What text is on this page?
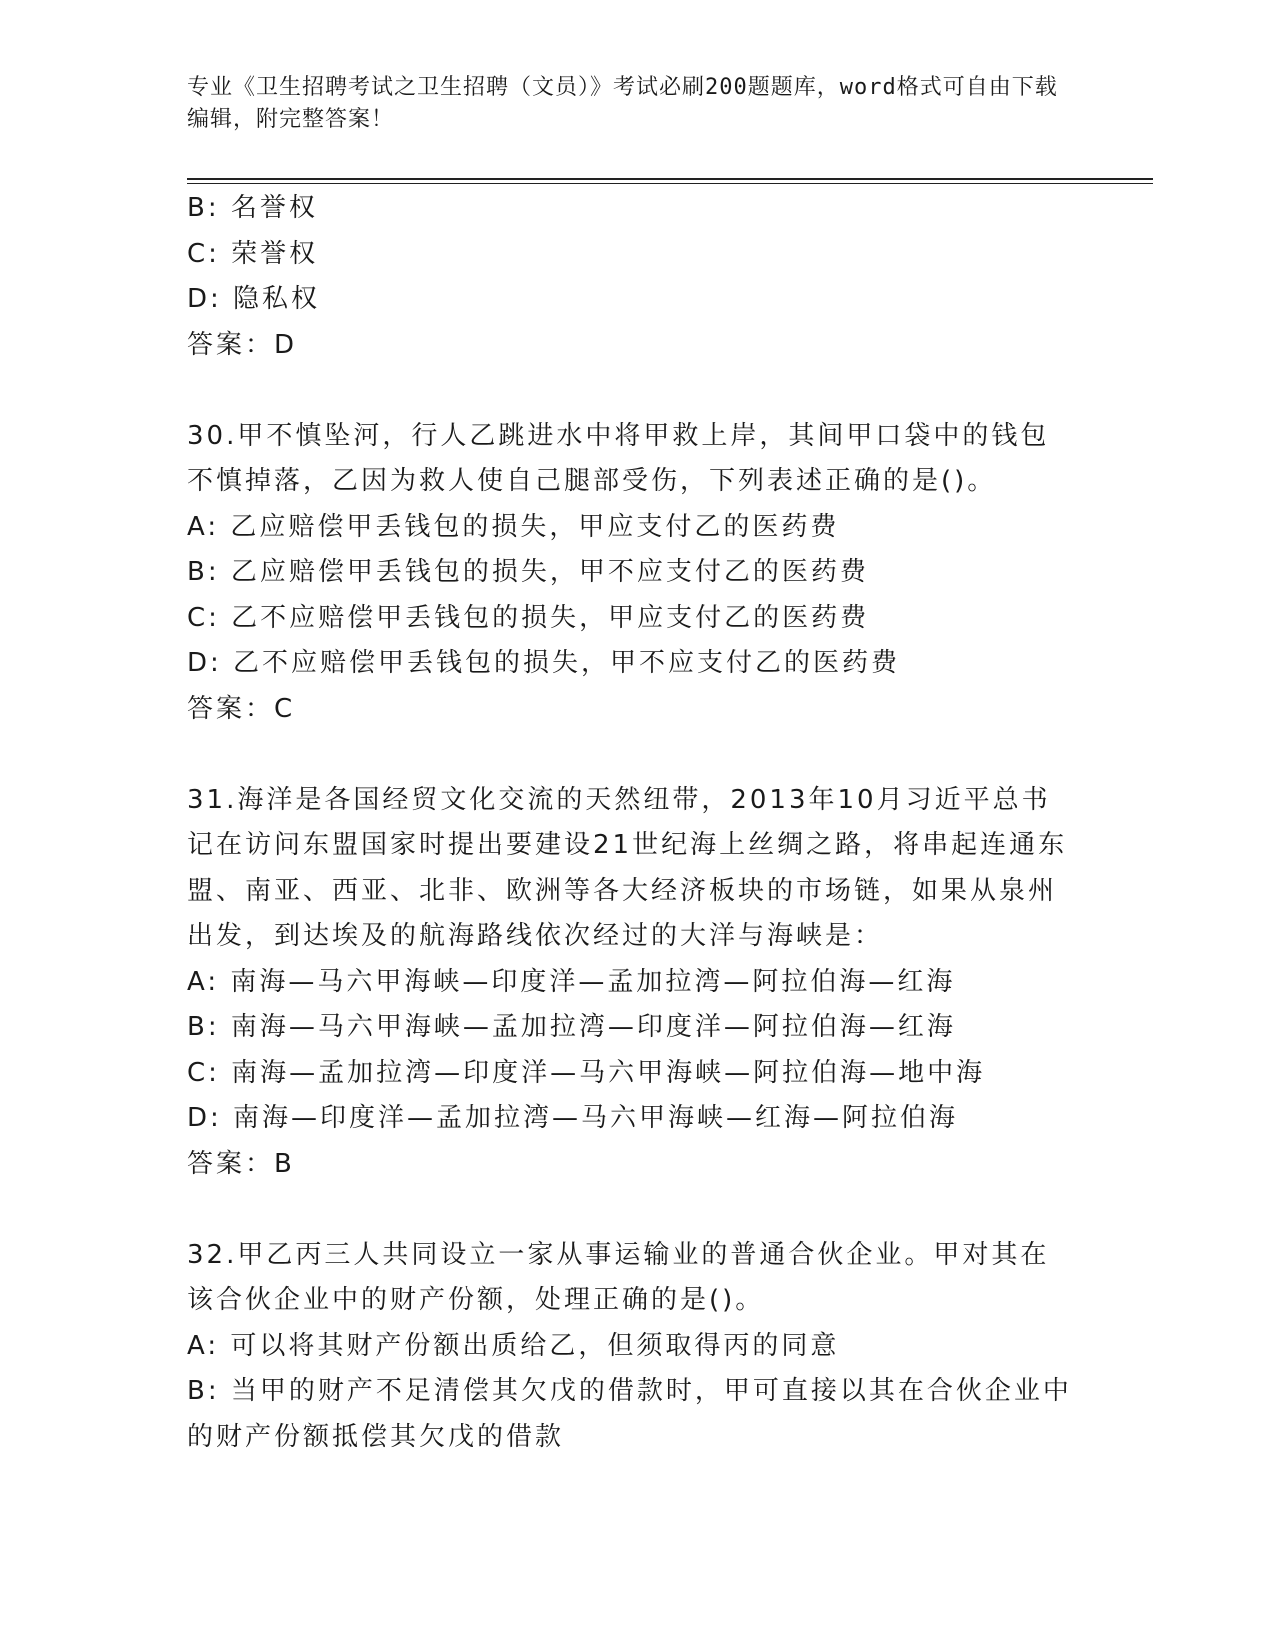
专业《卫生招聘考试之卫生招聘（文员）》考试必刷200题题库，word格式可自由下载编辑，附完整答案！

B: 名誉权

C: 荣誉权

D: 隐私权

答案：D

30.甲不慎坠河，行人乙跳进水中将甲救上岸，其间甲口袋中的钱包不慎掉落，乙因为救人使自己腿部受伤，下列表述正确的是()。

A: 乙应赔偿甲丢钱包的损失，甲应支付乙的医药费

B: 乙应赔偿甲丢钱包的损失，甲不应支付乙的医药费

C: 乙不应赔偿甲丢钱包的损失，甲应支付乙的医药费

D: 乙不应赔偿甲丢钱包的损失，甲不应支付乙的医药费

答案：C

31.海洋是各国经贸文化交流的天然纽带，2013年10月习近平总书记在访问东盟国家时提出要建设21世纪海上丝绸之路，将串起连通东盟、南亚、西亚、北非、欧洲等各大经济板块的市场链，如果从泉州出发，到达埃及的航海路线依次经过的大洋与海峡是：

A: 南海—马六甲海峡—印度洋—孟加拉湾—阿拉伯海—红海

B: 南海—马六甲海峡—孟加拉湾—印度洋—阿拉伯海—红海

C: 南海—孟加拉湾—印度洋—马六甲海峡—阿拉伯海—地中海

D: 南海—印度洋—孟加拉湾—马六甲海峡—红海—阿拉伯海

答案：B

32.甲乙丙三人共同设立一家从事运输业的普通合伙企业。甲对其在该合伙企业中的财产份额，处理正确的是()。

A: 可以将其财产份额出质给乙，但须取得丙的同意

B: 当甲的财产不足清偿其欠戊的借款时，甲可直接以其在合伙企业中的财产份额抵偿其欠戊的借款
